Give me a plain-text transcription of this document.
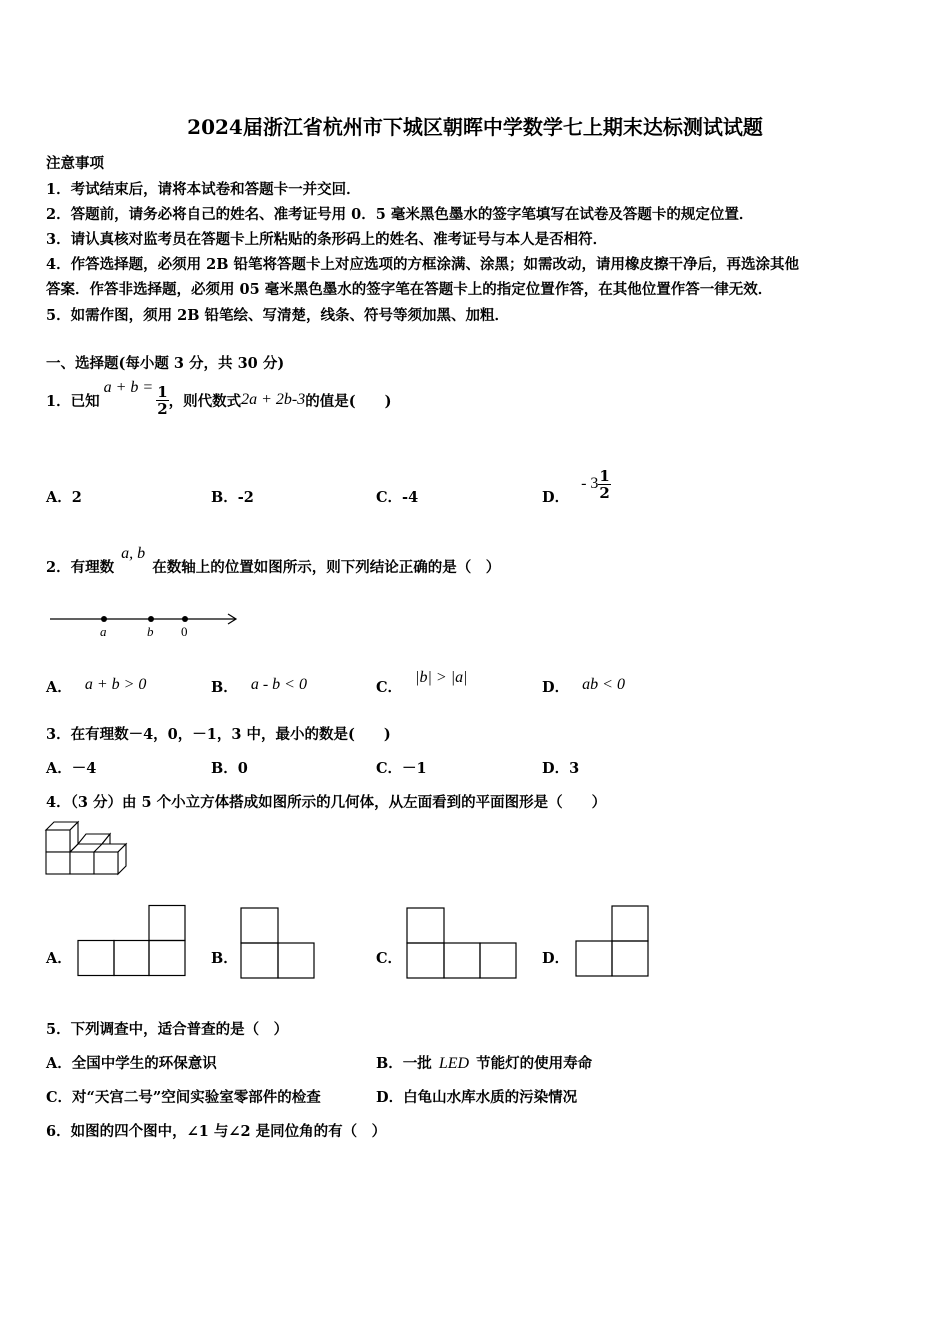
2024届浙江省杭州市下城区朝晖中学数学七上期末达标测试试题
注意事项
1．考试结束后，请将本试卷和答题卡一并交回．
2．答题前，请务必将自己的姓名、准考证号用 0．5 毫米黑色墨水的签字笔填写在试卷及答题卡的规定位置．
3．请认真核对监考员在答题卡上所粘贴的条形码上的姓名、准考证号与本人是否相符．
4．作答选择题，必须用 2B 铅笔将答题卡上对应选项的方框涂满、涂黑；如需改动，请用橡皮擦干净后，再选涂其他
答案．作答非选择题，必须用 05 毫米黑色墨水的签字笔在答题卡上的指定位置作答，在其他位置作答一律无效．
5．如需作图，须用 2B 铅笔绘、写清楚，线条、符号等须加黑、加粗．
一、选择题(每小题 3 分，共 30 分)
1．已知
$a + b = \frac{1}{2}$ ，则代数式 2a + 2b-3 的值是(　　)
A．2	B．-2	C．-4	D．
- $3 \frac{1}{2}$
2．有理数 a, b 在数轴上的位置如图所示，则下列结论正确的是（　）
a	b 0
A． a + b > 0	B． a - b < 0	C． |b| > |a|
D． ab < 0
3．在有理数－4，0，－1，3 中，最小的数是(　　)
A．－4	B．0	C．－1	D．3
4．（3 分）由 5 个小立方体搭成如图所示的几何体，从左面看到的平面图形是（　　）
A．	B．	C．	D．
5．下列调查中，适合普查的是（　）
A．全国中学生的环保意识	B．一批 LED 节能灯的使用寿命
C．对“天宫二号”空间实验室零部件的检查	D．白龟山水库水质的污染情况
6．如图的四个图中，∠1 与∠2 是同位角的有（　）
